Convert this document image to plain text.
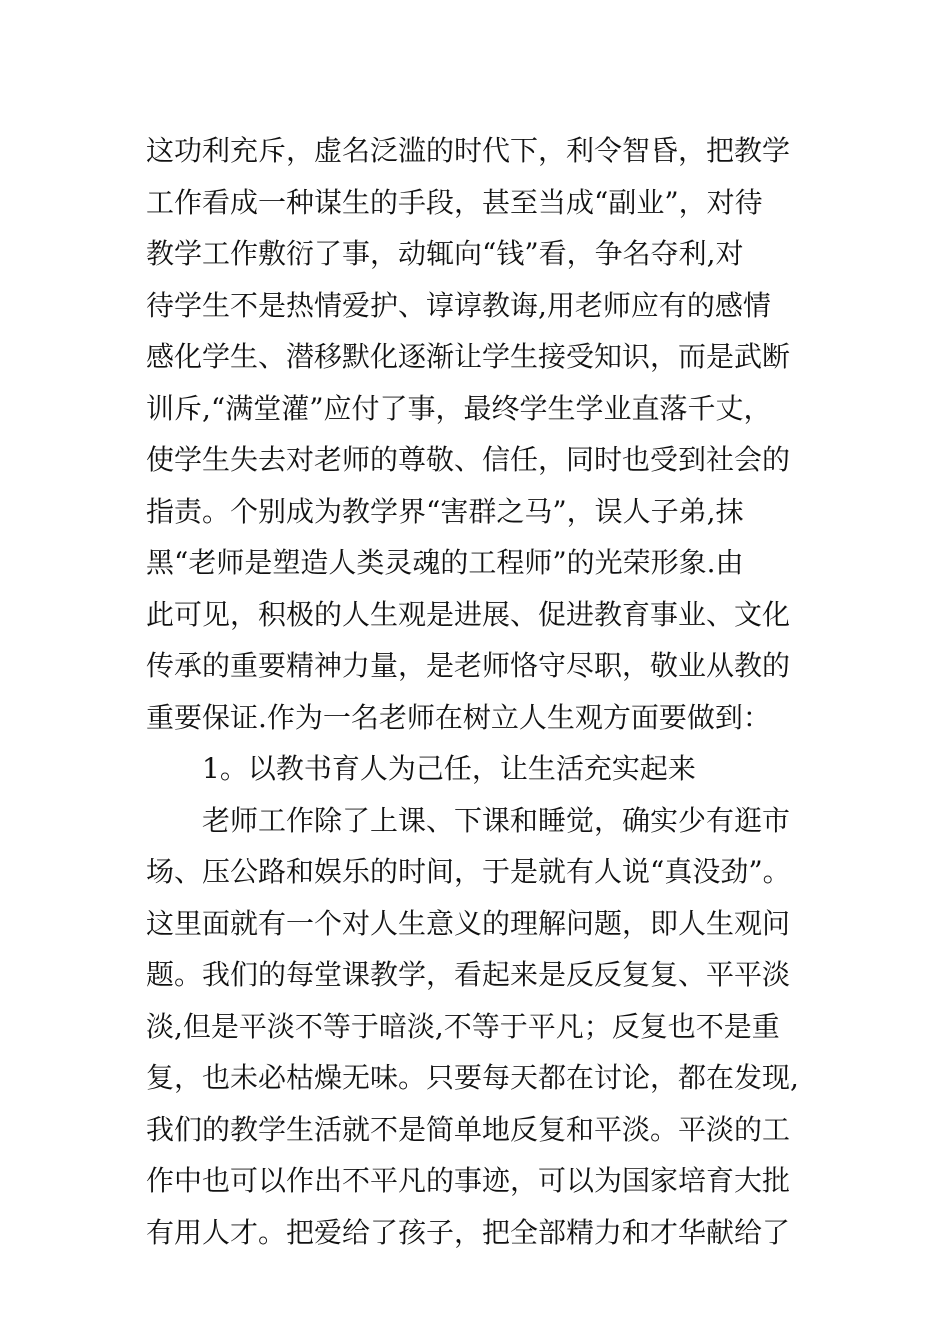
这功利充斥，虚名泛滥的时代下，利令智昏，把教学
工作看成一种谋生的手段，甚至当成“副业”，对待
教学工作敷衍了事，动辄向“钱”看，争名夺利,对
待学生不是热情爱护、谆谆教诲,用老师应有的感情
感化学生、潜移默化逐渐让学生接受知识，而是武断
训斥,“满堂灌”应付了事，最终学生学业直落千丈，
使学生失去对老师的尊敬、信任，同时也受到社会的
指责。个别成为教学界“害群之马”，误人子弟,抹
黑“老师是塑造人类灵魂的工程师”的光荣形象.由
此可见，积极的人生观是进展、促进教育事业、文化
传承的重要精神力量，是老师恪守尽职，敬业从教的
重要保证.作为一名老师在树立人生观方面要做到：
1。以教书育人为己任，让生活充实起来
老师工作除了上课、下课和睡觉，确实少有逛市
场、压公路和娱乐的时间，于是就有人说“真没劲”。
这里面就有一个对人生意义的理解问题，即人生观问
题。我们的每堂课教学，看起来是反反复复、平平淡
淡,但是平淡不等于暗淡,不等于平凡；反复也不是重
复，也未必枯燥无味。只要每天都在讨论，都在发现,
我们的教学生活就不是简单地反复和平淡。平淡的工
作中也可以作出不平凡的事迹，可以为国家培育大批
有用人才。把爱给了孩子，把全部精力和才华献给了
